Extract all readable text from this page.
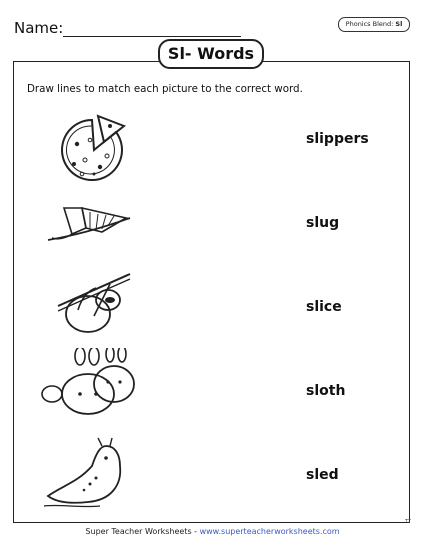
Name:	Phonics Blend: Sl
Sl- Words
Draw lines to match each picture to the correct word.
slippers
slug
slice
sloth
sled
Super Teacher Worksheets - www.superteacherworksheets.com
TT
